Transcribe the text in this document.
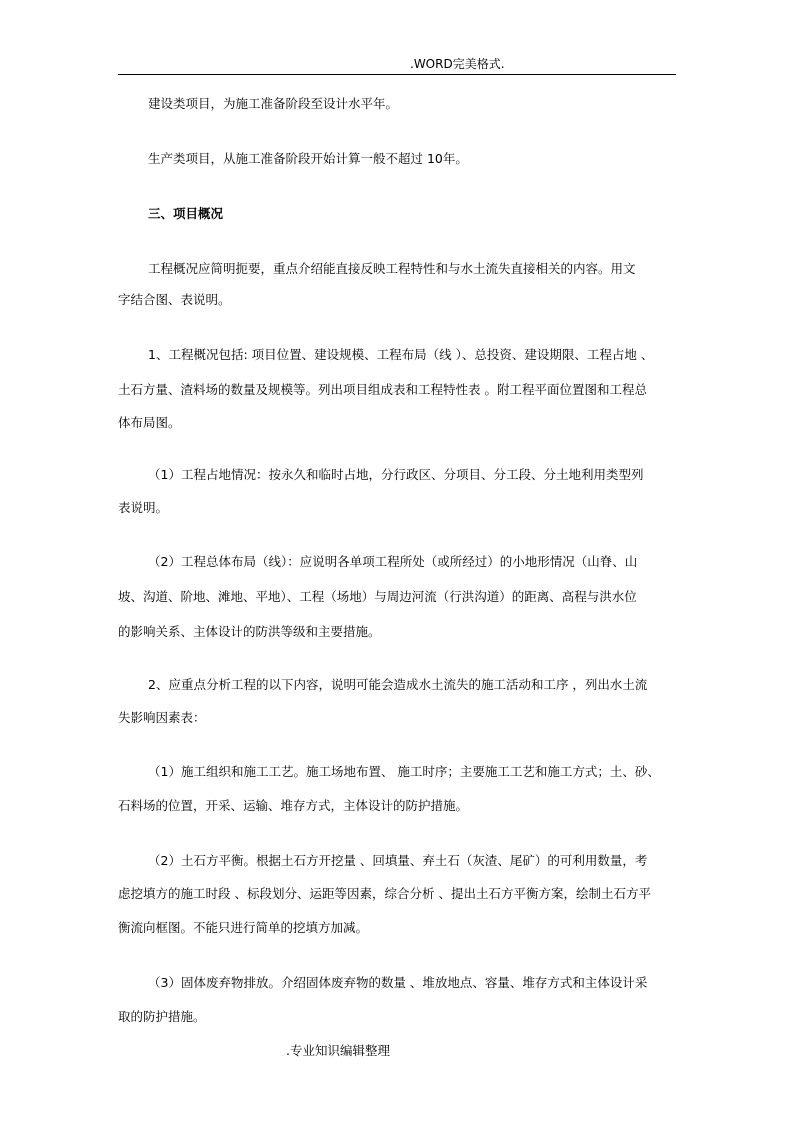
.WORD完美格式.
建设类项目，为施工准备阶段至设计水平年。
生产类项目，从施工准备阶段开始计算一般不超过 10年。
三、项目概况
工程概况应简明扼要，重点介绍能直接反映工程特性和与水土流失直接相关的内容。用文
字结合图、表说明。
1、工程概况包括: 项目位置、建设规模、工程布局（线 ）、总投资、建设期限、工程占地 、
土石方量、渣料场的数量及规模等。列出项目组成表和工程特性表 。附工程平面位置图和工程总
体布局图。
（1）工程占地情况：按永久和临时占地，分行政区、分项目、分工段、分土地利用类型列
表说明。
（2）工程总体布局（线）：应说明各单项工程所处（或所经过）的小地形情况（山脊、山
坡、沟道、阶地、滩地、平地）、工程（场地）与周边河流（行洪沟道）的距离、高程与洪水位
的影响关系、主体设计的防洪等级和主要措施。
2、应重点分析工程的以下内容，说明可能会造成水土流失的施工活动和工序 ，列出水土流
失影响因素表：
（1）施工组织和施工工艺。施工场地布置、 施工时序；主要施工工艺和施工方式；土、砂、
石料场的位置，开采、运输、堆存方式，主体设计的防护措施。
（2）土石方平衡。根据土石方开挖量 、回填量、弃土石（灰渣、尾矿）的可利用数量，考
虑挖填方的施工时段 、标段划分、运距等因素，综合分析 、提出土石方平衡方案，绘制土石方平
衡流向框图。不能只进行简单的挖填方加减。
（3）固体废弃物排放。介绍固体废弃物的数量 、堆放地点、容量、堆存方式和主体设计采
取的防护措施。
.专业知识编辑整理
